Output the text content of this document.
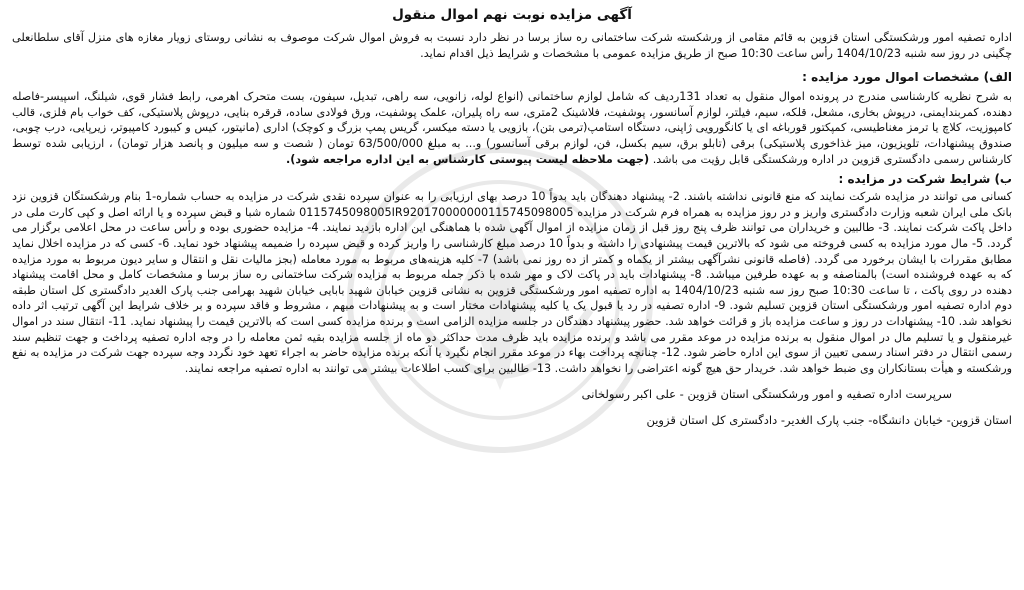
آگهی مزایده نوبت نهم اموال منقول

اداره تصفیه امور ورشکستگی استان قزوین به قائم مقامی از ورشکسته شرکت ساختمانی ره ساز برسا در نظر دارد نسبت به فروش اموال شرکت موصوف به نشانی روستای زویار مغازه های منزل آقای سلطانعلی چگینی در روز سه شنبه 1404/10/23 رأس ساعت 10:30 صبح از طریق مزایده عمومی با مشخصات و شرایط ذیل اقدام نماید.

الف) مشخصات اموال مورد مزایده :

به شرح نظریه کارشناسی مندرج در پرونده اموال منقول به تعداد 131ردیف که شامل لوازم ساختمانی (انواع لوله، زانویی، سه راهی، تبدیل، سیفون، بست متحرک اهرمی، رابط فشار قوی، شیلنگ، اسپیسر-فاصله دهنده، کمربندایمنی، درپوش بخاری، مشعل، قلکه، سیم، فیلتر، لوازم آسانسور، پوشفیت، فلاشینک 2متری، سه راه پلیران، علمک پوشفیت، ورق فولادی ساده، قرقره بنایی، درپوش پلاستیکی، کف خواب بام فلزی، قالب کامپوزیت، کلاچ یا ترمز مغناطیسی، کمپکتور قورباغه ای یا کانگورویی ژاپنی، دستگاه استامپ(ترمی بتن)، بازویی یا دسته میکسر، گریس پمپ بزرگ و کوچک) اداری (مانیتور، کیس و کیبورد کامپیوتر، زیرپایی، درب چوبی، صندوق پیشنهادات، تلویزیون، میز غذاخوری پلاستیکی) برقی (تابلو برق، سیم بکسل، فن، لوازم برقی آسانسور) و... به مبلغ 63/500/000 تومان ( شصت و سه میلیون و پانصد هزار تومان) ، ارزیابی شده توسط کارشناس رسمی دادگستری قزوین در اداره ورشکستگی قابل رؤیت می باشد. (جهت ملاحظه لیست پیوستی کارشناس به این اداره مراجعه شود).

ب) شرایط شرکت در مزایده :

کسانی می توانند در مزایده شرکت نمایند که منع قانونی نداشته باشند. 2- پیشنهاد دهندگان باید بدواً 10 درصد بهای ارزیابی را به عنوان سپرده نقدی شرکت در مزایده به حساب شماره-1 بنام ورشکستگان قزوین نزد بانک ملی ایران شعبه وزارت دادگستری واریز و در روز مزایده به همراه فرم شرکت در مزایده 0115745098005IR920170000000115745098005 شماره شبا و قبض سپرده و یا ارائه اصل و کپی کارت ملی در داخل پاکت شرکت نمایند. 3- طالبین و خریداران می توانند ظرف پنج روز قبل از زمان مزایده از اموال آگهی شده با هماهنگی این اداره بازدید نمایند. 4- مزایده حضوری بوده و رأس ساعت در محل اعلامی برگزار می گردد. 5- مال مورد مزایده به کسی فروخته می شود که بالاترین قیمت پیشنهادی را داشته و بدواً 10 درصد مبلغ کارشناسی را واریز کرده و قبض سپرده را ضمیمه پیشنهاد خود نماید. 6- کسی که در مزایده اخلال نماید مطابق مقررات با ایشان برخورد می گردد. (فاصله قانونی نشرآگهی بیشتر از یکماه و کمتر از ده روز نمی باشد) 7- کلیه هزینه‌های مربوط به مورد معامله (بجز مالیات نقل و انتقال و سایر دیون مربوط به مورد مزایده که به عهده فروشنده است) بالمناصفه و به عهده طرفین میباشد. 8- پیشنهادات باید در پاکت لاک و مهر شده با ذکر جمله مربوط به مزایده شرکت ساختمانی ره ساز برسا و مشخصات کامل و محل اقامت پیشنهاد دهنده در روی پاکت ، تا ساعت 10:30 صبح روز سه شنبه 1404/10/23 به اداره تصفیه امور ورشکستگی قزوین به نشانی قزوین خیابان شهید بابایی خیابان شهید بهرامی جنب پارک الغدیر دادگستری کل استان طبقه دوم اداره تصفیه امور ورشکستگی استان قزوین تسلیم شود. 9- اداره تصفیه در رد یا قبول یک یا کلیه پیشنهادات مختار است و به پیشنهادات مبهم ، مشروط و فاقد سپرده و بر خلاف شرایط این آگهی ترتیب اثر داده نخواهد شد. 10- پیشنهادات در روز و ساعت مزایده باز و قرائت خواهد شد. حضور پیشنهاد دهندگان در جلسه مزایده الزامی است و برنده مزایده کسی است که بالاترین قیمت را پیشنهاد نماید. 11- انتقال سند در اموال غیرمنقول و یا تسلیم مال در اموال منقول به برنده مزایده در موعد مقرر می باشد و برنده مزایده باید ظرف مدت حداکثر دو ماه از جلسه مزایده بقیه ثمن معامله را در وجه اداره تصفیه پرداخت و جهت تنظیم سند رسمی انتقال در دفتر اسناد رسمی تعیین از سوی این اداره حاضر شود. 12- چنانچه پرداخت بهاء در موعد مقرر انجام نگیرد یا آنکه برنده مزایده حاضر به اجراء تعهد خود نگردد وجه سپرده جهت شرکت در مزایده به نفع ورشکسته و هیأت بستانکاران وی ضبط خواهد شد. خریدار حق هیچ گونه اعتراضی را نخواهد داشت. 13- طالبین برای کسب اطلاعات بیشتر می توانند به اداره تصفیه مراجعه نمایند.

سرپرست اداره تصفیه و امور ورشکستگی استان قزوین - علی اکبر رسولخانی

استان قزوین- خیابان دانشگاه- جنب پارک الغدیر- دادگستری کل استان قزوین
